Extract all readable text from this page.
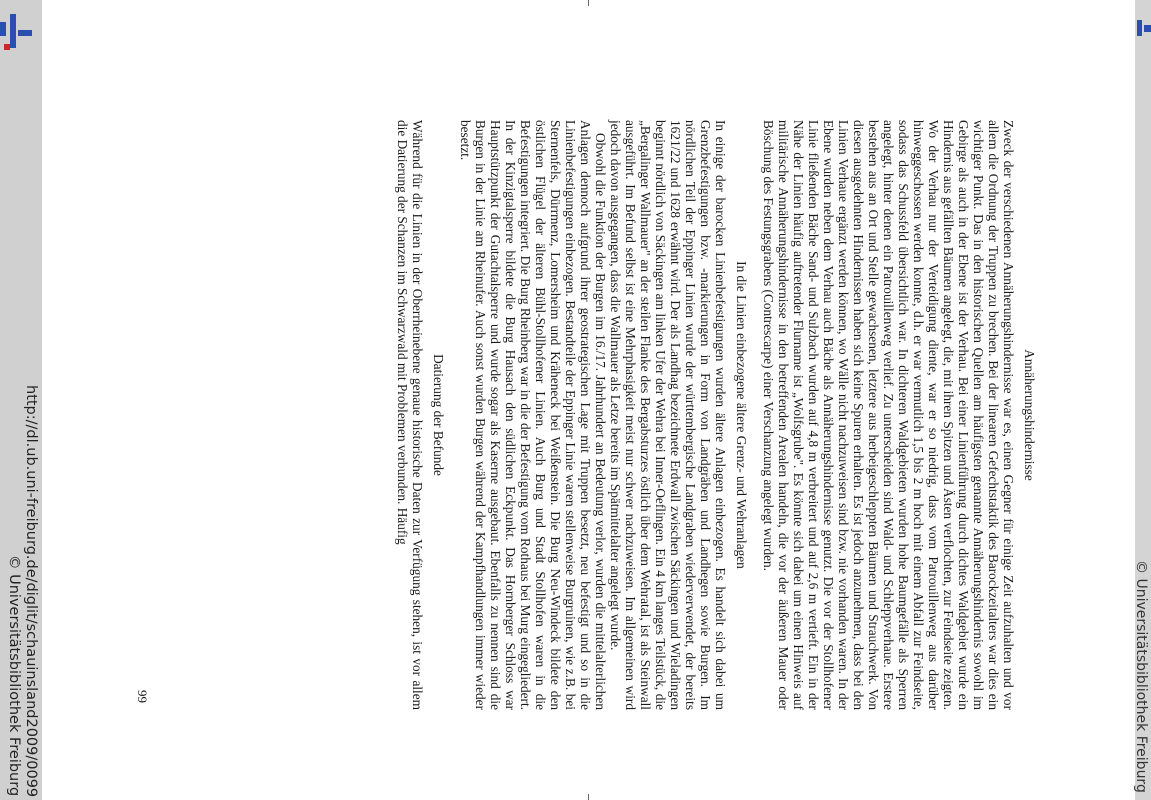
Annäherungshindernisse

Zweck der verschiedenen Annäherungshindernisse war es, einen Gegner für einige Zeit aufzuhalten und vor allem die Ordnung der Truppen zu brechen. Bei der linearen Gefechtstaktik des Barockzeitalters war dies ein wichtiger Punkt. Das in den historischen Quellen am häufigsten genannte Annäherungshindernis sowohl im Gebirge als auch in der Ebene ist der Verhau. Bei einer Linienführung durch dichtes Waldgebiet wurde ein Hindernis aus gefällten Bäumen angelegt, die, mit ihren Spitzen und Ästen verflochten, zur Feindseite zeigten. Wo der Verhau nur der Verteidigung diente, war er so niedrig, dass vom Patrouillenweg aus darüber hinweggeschossen werden konnte, d.h. er war vermutlich 1,5 bis 2 m hoch mit einem Abfall zur Feindseite, sodass das Schussfeld übersichtlich war. In dichteren Waldgebieten wurden hohe Baumgefälle als Sperren angelegt, hinter denen ein Patrouillenweg verlief. Zu unterscheiden sind Wald- und Schleppverhaue. Erstere bestehen aus an Ort und Stelle gewachsenen, letztere aus herbeigeschleppten Bäumen und Strauchwerk. Von diesen ausgedehnten Hindernissen haben sich keine Spuren erhalten. Es ist jedoch anzunehmen, dass bei den Linien Verhaue ergänzt werden können, wo Wälle nicht nachzuweisen sind bzw. nie vorhanden waren. In der Ebene wurden neben dem Verhau auch Bäche als Annäherungshindernisse genutzt. Die vor der Stollhofener Linie fließenden Bäche Sand- und Sulzbach wurden auf 4,8 m verbreitert und auf 2,6 m vertieft. Ein in der Nähe der Linien häufig auftretender Flurname ist „Wolfsgrube". Es könnte sich dabei um einen Hinweis auf militärische Annäherungshindernisse in den betreffenden Arealen handeln, die vor der äußeren Mauer oder Böschung des Festungsgrabens (Contrescarpe) einer Verschanzung angelegt wurden.

In die Linien einbezogene ältere Grenz- und Wehranlagen

In einige der barocken Linienbefestigungen wurden ältere Anlagen einbezogen. Es handelt sich dabei um Grenzbefestigungen bzw. -markierungen in Form von Landgräben und Landhegen sowie Burgen. Im nördlichen Teil der Eppinger Linien wurde der württembergische Landgraben wiederverwendet, der bereits 1621/22 und 1628 erwähnt wird. Der als Landhag bezeichnete Erdwall zwischen Säckingen und Wieladingen beginnt nördlich von Säckingen am linken Ufer der Wehra bei Inner-Oeflingen. Ein 4 km langes Teilstück, die „Bergalinger Wallmauer" an der steilen Flanke des Bergabsturzes östlich über dem Wehratal, ist als Steinwall ausgeführt. Im Befund selbst ist eine Mehrphasigkeit meist nur schwer nachzuweisen. Im allgemeinen wird jedoch davon ausgegangen, dass die Wallmauer als Letze bereits im Spätmittelalter angelegt wurde.

Obwohl die Funktion der Burgen im 16./17. Jahrhundert an Bedeutung verlor, wurden die mittelalterlichen Anlagen dennoch aufgrund ihrer geostrategischen Lage mit Truppen besetzt, neu befestigt und so in die Linienbefestigungen einbezogen. Bestandteile der Eppinger Linie waren stellenweise Burgruinen, wie z.B. bei Sternenfels, Dürrmenz, Lomersheim und Kräheneck bei Weißenstein. Die Burg Neu-Windeck bildete den östlichen Flügel der älteren Bühl-Stollhofener Linien. Auch Burg und Stadt Stollhofen waren in die Befestigungen integriert. Die Burg Rheinberg war in die der Befestigung vom Rothaus bei Murg eingegliedert. In der Kinzigtalsperre bildete die Burg Hausach den südlichen Eckpunkt. Das Hornberger Schloss war Hauptstützpunkt der Gutachtalsperre und wurde sogar als Kaserne ausgebaut. Ebenfalls zu nennen sind die Burgen in der Linie am Rheinufer. Auch sonst wurden Burgen während der Kampfhandlungen immer wieder besetzt.

Datierung der Befunde

Während für die Linien in der Oberrheinebene genaue historische Daten zur Verfügung stehen, ist vor allem die Datierung der Schanzen im Schwarzwald mit Problemen verbunden. Häufig

99
http://dl.ub.uni-freiburg.de/diglit/schauinsland2009/0099
© Universitätsbibliothek Freiburg	© Universitätsbibliothek Freiburg
